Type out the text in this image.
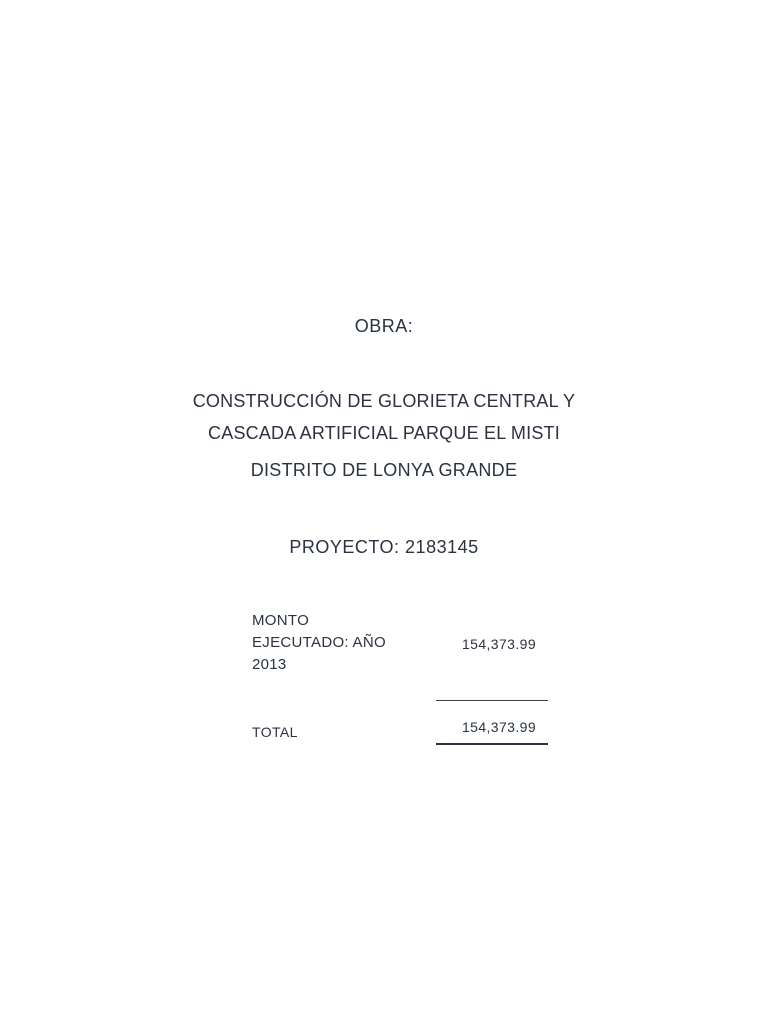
OBRA:
CONSTRUCCIÓN DE GLORIETA CENTRAL Y
CASCADA ARTIFICIAL PARQUE EL MISTI
DISTRITO DE LONYA GRANDE
PROYECTO: 2183145
MONTO
EJECUTADO: AÑO
2013
154,373.99
TOTAL	154,373.99
